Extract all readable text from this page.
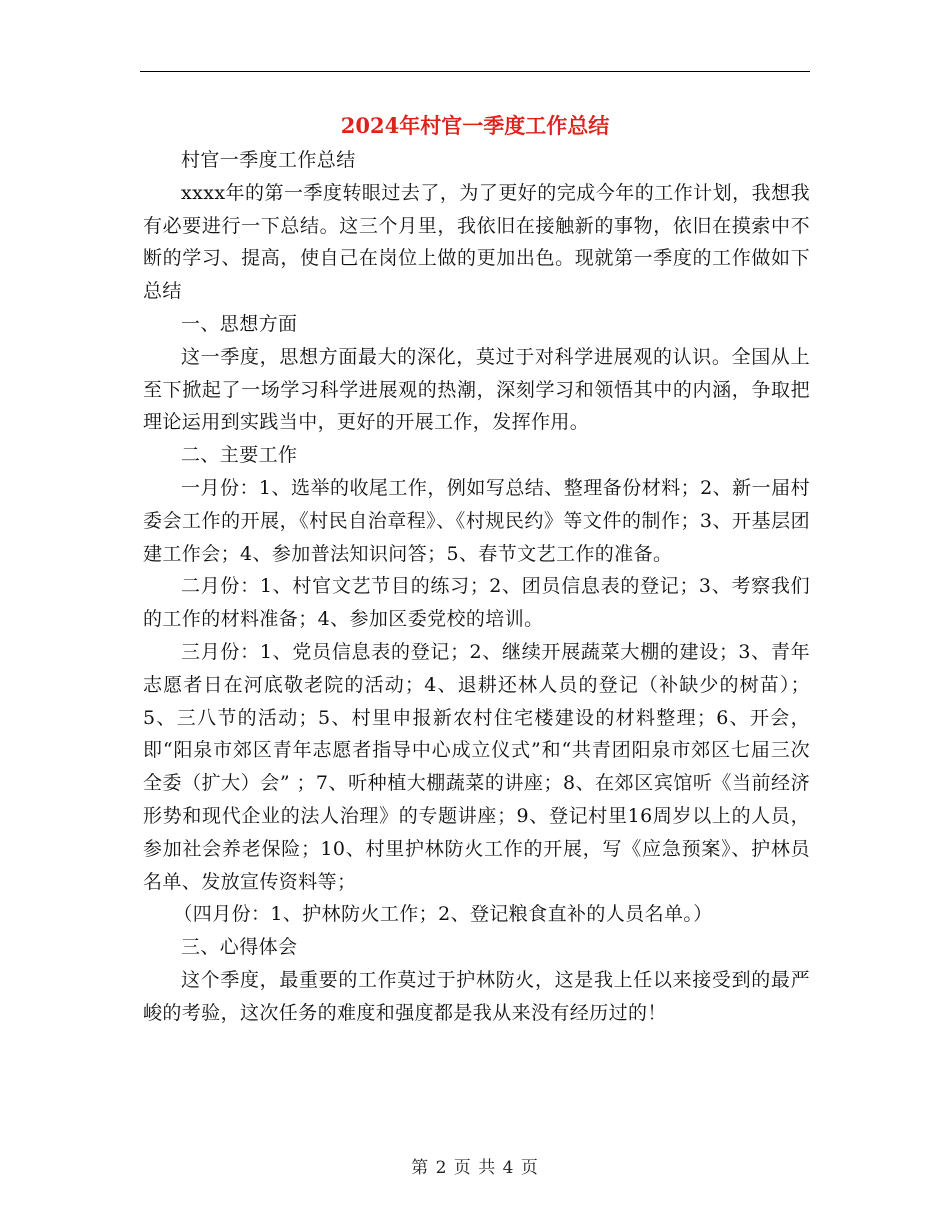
2024年村官一季度工作总结

村官一季度工作总结

xxxx年的第一季度转眼过去了，为了更好的完成今年的工作计划，我想我有必要进行一下总结。这三个月里，我依旧在接触新的事物，依旧在摸索中不断的学习、提高，使自己在岗位上做的更加出色。现就第一季度的工作做如下总结

一、思想方面

这一季度，思想方面最大的深化，莫过于对科学进展观的认识。全国从上至下掀起了一场学习科学进展观的热潮，深刻学习和领悟其中的内涵，争取把理论运用到实践当中，更好的开展工作，发挥作用。

二、主要工作

一月份：1、选举的收尾工作，例如写总结、整理备份材料；2、新一届村委会工作的开展，《村民自治章程》、《村规民约》等文件的制作；3、开基层团建工作会；4、参加普法知识问答；5、春节文艺工作的准备。

二月份：1、村官文艺节目的练习；2、团员信息表的登记；3、考察我们的工作的材料准备；4、参加区委党校的培训。

三月份：1、党员信息表的登记；2、继续开展蔬菜大棚的建设；3、青年志愿者日在河底敬老院的活动；4、退耕还林人员的登记（补缺少的树苗）；5、三八节的活动；5、村里申报新农村住宅楼建设的材料整理；6、开会，即“阳泉市郊区青年志愿者指导中心成立仪式”和“共青团阳泉市郊区七届三次全委（扩大）会” ；7、听种植大棚蔬菜的讲座；8、在郊区宾馆听《当前经济形势和现代企业的法人治理》的专题讲座；9、登记村里16周岁以上的人员，参加社会养老保险；10、村里护林防火工作的开展，写《应急预案》、护林员名单、发放宣传资料等；

（四月份：1、护林防火工作；2、登记粮食直补的人员名单。）

三、心得体会

这个季度，最重要的工作莫过于护林防火，这是我上任以来接受到的最严峻的考验，这次任务的难度和强度都是我从来没有经历过的！

第 2 页 共 4 页
